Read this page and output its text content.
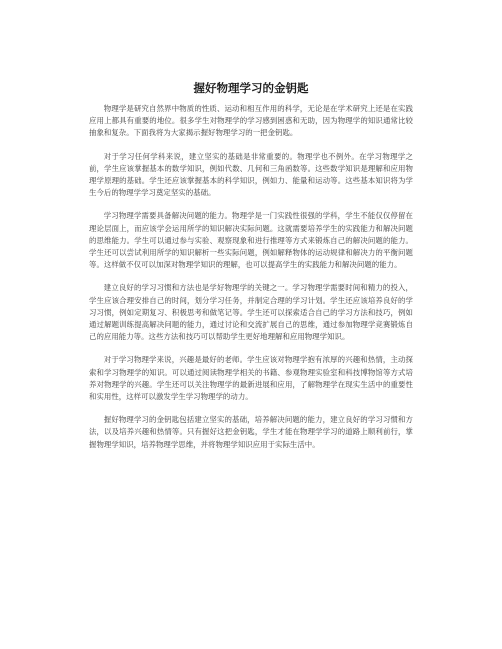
握好物理学习的金钥匙

物理学是研究自然界中物质的性质、运动和相互作用的科学，无论是在学术研究上还是在实践应用上都具有重要的地位。很多学生对物理学的学习感到困惑和无助，因为物理学的知识通常比较抽象和复杂。下面我将为大家揭示握好物理学习的一把金钥匙。

对于学习任何学科来说，建立坚实的基础是非常重要的。物理学也不例外。在学习物理学之前，学生应该掌握基本的数学知识，例如代数、几何和三角函数等。这些数学知识是理解和应用物理学原理的基础。学生还应该掌握基本的科学知识，例如力、能量和运动等。这些基本知识将为学生今后的物理学学习奠定坚实的基础。

学习物理学需要具备解决问题的能力。物理学是一门实践性很强的学科，学生不能仅仅停留在理论层面上，而应该学会运用所学的知识解决实际问题。这就需要培养学生的实践能力和解决问题的思维能力。学生可以通过参与实验、观察现象和进行推理等方式来锻炼自己的解决问题的能力。学生还可以尝试利用所学的知识解析一些实际问题，例如解释物体的运动规律和解决力的平衡问题等。这样做不仅可以加深对物理学知识的理解，也可以提高学生的实践能力和解决问题的能力。

建立良好的学习习惯和方法也是学好物理学的关键之一。学习物理学需要时间和精力的投入，学生应该合理安排自己的时间，划分学习任务，并制定合理的学习计划。学生还应该培养良好的学习习惯，例如定期复习、积极思考和做笔记等。学生还可以探索适合自己的学习方法和技巧，例如通过解题训练提高解决问题的能力，通过讨论和交流扩展自己的思维，通过参加物理学竞赛锻炼自己的应用能力等。这些方法和技巧可以帮助学生更好地理解和应用物理学知识。

对于学习物理学来说，兴趣是最好的老师。学生应该对物理学抱有浓厚的兴趣和热情，主动探索和学习物理学的知识。可以通过阅读物理学相关的书籍、参观物理实验室和科技博物馆等方式培养对物理学的兴趣。学生还可以关注物理学的最新进展和应用，了解物理学在现实生活中的重要性和实用性，这样可以激发学生学习物理学的动力。

握好物理学习的金钥匙包括建立坚实的基础，培养解决问题的能力，建立良好的学习习惯和方法，以及培养兴趣和热情等。只有握好这把金钥匙，学生才能在物理学学习的道路上顺利前行，掌握物理学知识，培养物理学思维，并将物理学知识应用于实际生活中。
